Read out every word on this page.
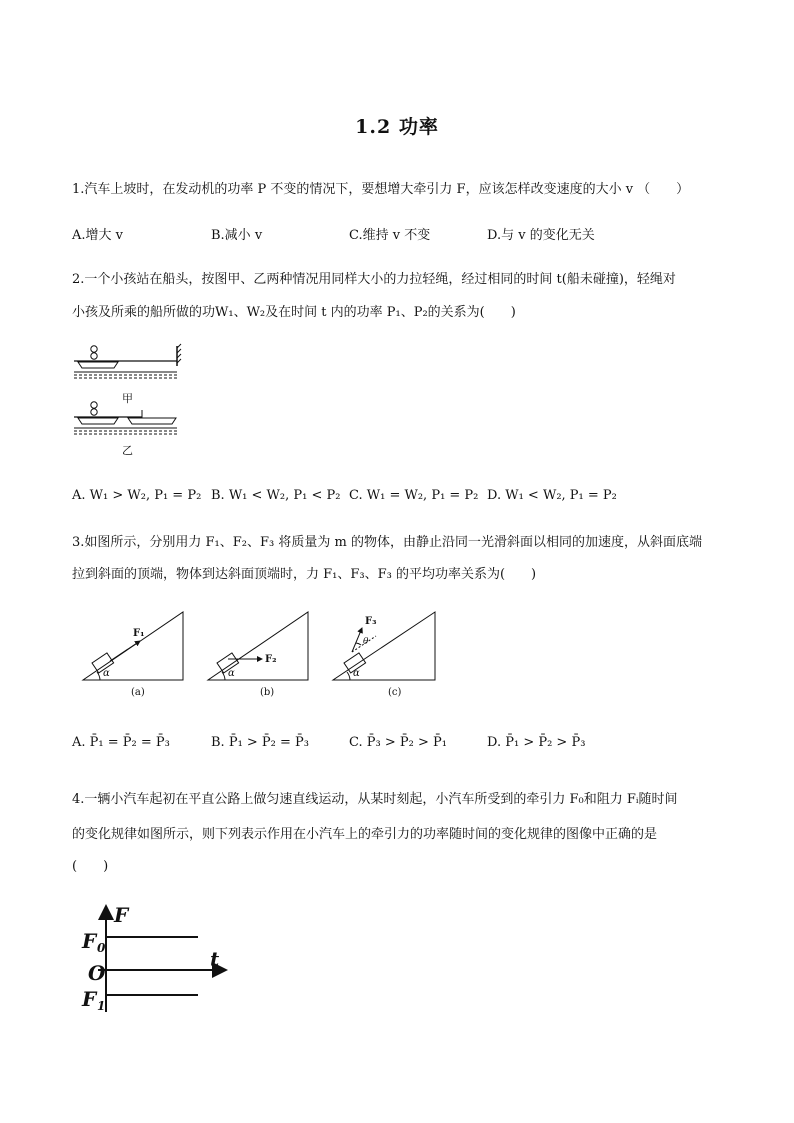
1.2 功率
1.汽车上坡时，在发动机的功率 P 不变的情况下，要想增大牵引力 F，应该怎样改变速度的大小 v （　　）
A.增大 v	B.减小 v	C.维持 v 不变	D.与 v 的变化无关
2.一个小孩站在船头，按图甲、乙两种情况用同样大小的力拉轻绳，经过相同的时间 t(船未碰撞)，轻绳对
小孩及所乘的船所做的功W₁、W₂及在时间 t 内的功率 P₁、P₂的关系为(　　)
甲
乙
A. W₁ > W₂, P₁ = P₂ B. W₁ < W₂, P₁ < P₂ C. W₁ = W₂, P₁ = P₂ D. W₁ < W₂, P₁ = P₂
3.如图所示，分别用力 F₁、F₂、F₃ 将质量为 m 的物体，由静止沿同一光滑斜面以相同的加速度，从斜面底端
拉到斜面的顶端，物体到达斜面顶端时，力 F₁、F₃、F₃ 的平均功率关系为(　　)
F₁
α
(a)
F₂
α
(b)
F₃
θ
α
(c)
A. P̄₁ = P̄₂ = P̄₃	B. P̄₁ > P̄₂ = P̄₃	C. P̄₃ > P̄₂ > P̄₁	D. P̄₁ > P̄₂ > P̄₃
4.一辆小汽车起初在平直公路上做匀速直线运动，从某时刻起，小汽车所受到的牵引力 F₀和阻力 Fᵢ随时间
的变化规律如图所示，则下列表示作用在小汽车上的牵引力的功率随时间的变化规律的图像中正确的是
(　　)
F
F 0
O
t
F 1
